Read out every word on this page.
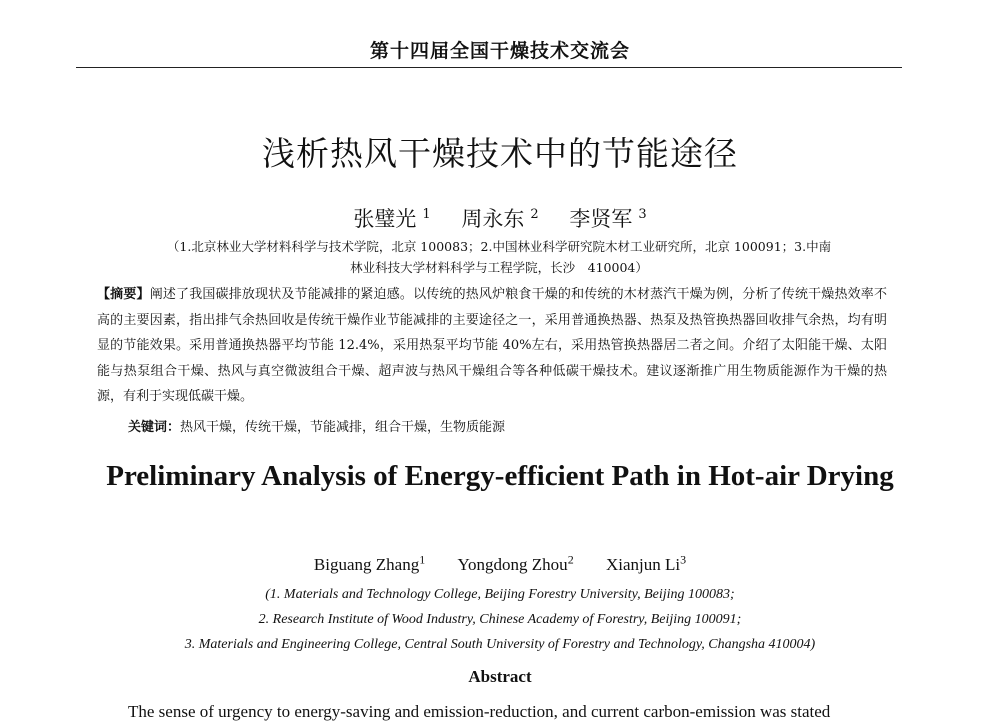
第十四届全国干燥技术交流会
浅析热风干燥技术中的节能途径
张璧光 $^1$ 周永东 $^2$ 李贤军 $^3$
（1.北京林业大学材料科学与技术学院，北京 100083；2.中国林业科学研究院木材工业研究所，北京 100091；3.中南
林业科技大学材料科学与工程学院，长沙　410004）
【摘要】阐述了我国碳排放现状及节能减排的紧迫感。以传统的热风炉粮食干燥的和传统的木材蒸汽干燥为例，分析了传统干燥热效率不高的主要因素，指出排气余热回收是传统干燥作业节能减排的主要途径之一，采用普通换热器、热泵及热管换热器回收排气余热，均有明显的节能效果。采用普通换热器平均节能 12.4%，采用热泵平均节能 40%左右，采用热管换热器居二者之间。介绍了太阳能干燥、太阳能与热泵组合干燥、热风与真空微波组合干燥、超声波与热风干燥组合等各种低碳干燥技术。建议逐渐推广用生物质能源作为干燥的热源，有利于实现低碳干燥。
关键词：热风干燥，传统干燥，节能减排，组合干燥，生物质能源
Preliminary Analysis of Energy-efficient Path in Hot-air Drying
Biguang Zhang$^1$ Yongdong Zhou$^2$ Xianjun Li$^3$
(1. Materials and Technology College, Beijing Forestry University, Beijing 100083;
2. Research Institute of Wood Industry, Chinese Academy of Forestry, Beijing 100091;
3. Materials and Engineering College, Central South University of Forestry and Technology, Changsha 410004)
Abstract
The sense of urgency to energy-saving and emission-reduction, and current carbon-emission was stated
